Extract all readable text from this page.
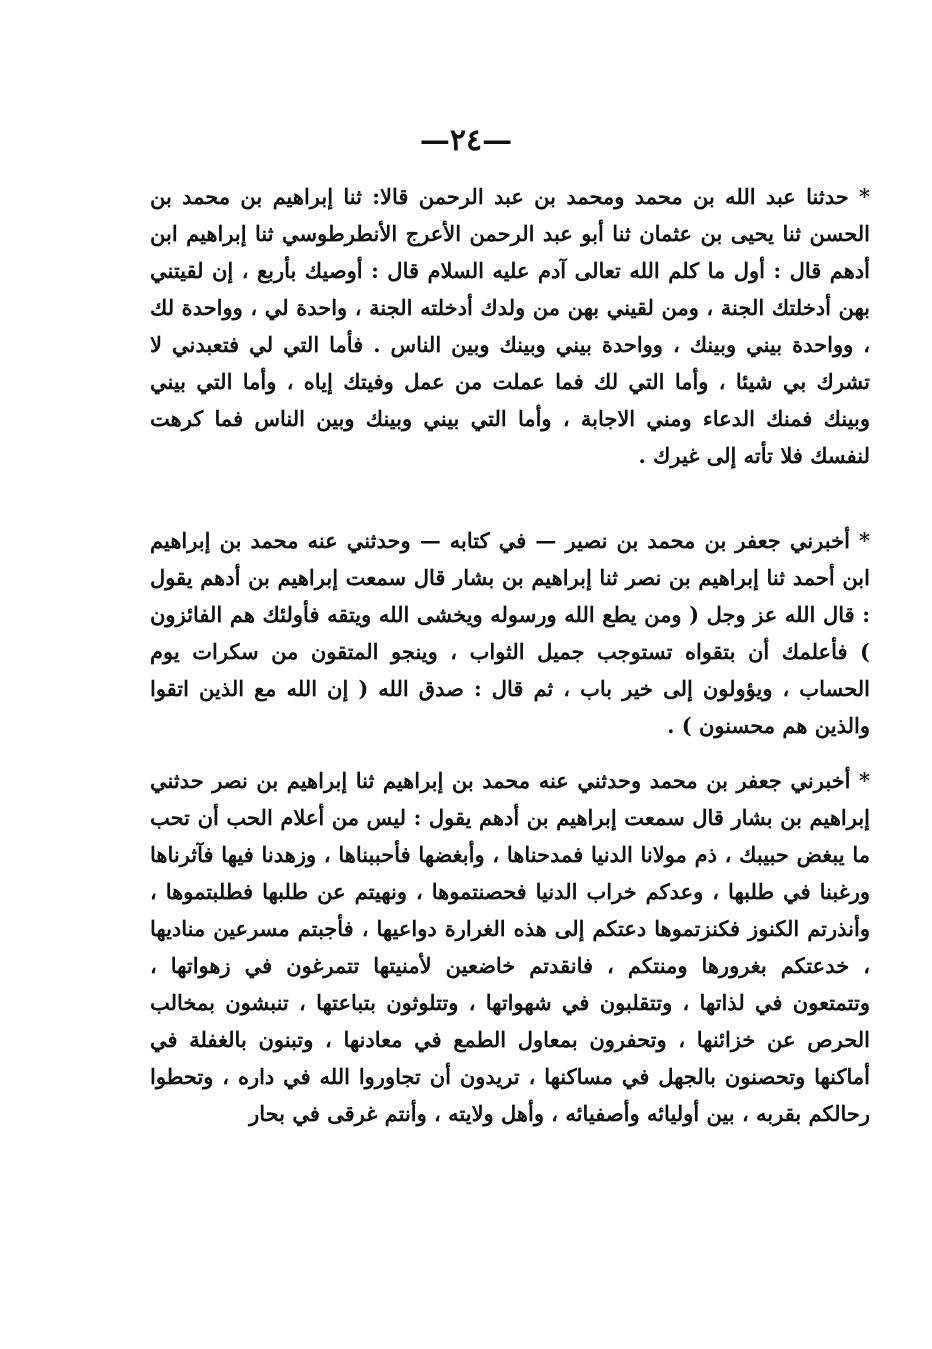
—٢٤—

* حدثنا عبد الله بن محمد ومحمد بن عبد الرحمن قالا: ثنا إبراهيم بن محمد بن الحسن ثنا يحيى بن عثمان ثنا أبو عبد الرحمن الأعرج الأنطرطوسي ثنا إبراهيم ابن أدهم قال : أول ما كلم الله تعالى آدم عليه السلام قال : أوصيك بأربع ، إن لقيتني بهن أدخلتك الجنة ، ومن لقيني بهن من ولدك أدخلته الجنة ، واحدة لي ، وواحدة لك ، وواحدة بيني وبينك ، وواحدة بيني وبينك وبين الناس . فأما التي لي فتعبدني لا تشرك بي شيئا ، وأما التي لك فما عملت من عمل وفيتك إياه ، وأما التي بيني وبينك فمنك الدعاء ومني الاجابة ، وأما التي بيني وبينك وبين الناس فما كرهت لنفسك فلا تأته إلى غيرك .

* أخبرني جعفر بن محمد بن نصير — في كتابه — وحدثني عنه محمد بن إبراهيم ابن أحمد ثنا إبراهيم بن نصر ثنا إبراهيم بن بشار قال سمعت إبراهيم بن أدهم يقول : قال الله عز وجل ( ومن يطع الله ورسوله ويخشى الله ويتقه فأولئك هم الفائزون ) فأعلمك أن بتقواه تستوجب جميل الثواب ، وينجو المتقون من سكرات يوم الحساب ، ويؤولون إلى خير باب ، ثم قال : صدق الله ( إن الله مع الذين اتقوا والذين هم محسنون ) .

* أخبرني جعفر بن محمد وحدثني عنه محمد بن إبراهيم ثنا إبراهيم بن نصر حدثني إبراهيم بن بشار قال سمعت إبراهيم بن أدهم يقول : ليس من أعلام الحب أن تحب ما يبغض حبيبك ، ذم مولانا الدنيا فمدحناها ، وأبغضها فأحببناها ، وزهدنا فيها فآثرناها ورغبنا في طلبها ، وعدكم خراب الدنيا فحصنتموها ، ونهيتم عن طلبها فطلبتموها ، وأنذرتم الكنوز فكنزتموها دعتكم إلى هذه الغرارة دواعيها ، فأجبتم مسرعين مناديها ، خدعتكم بغرورها ومنتكم ، فانقدتم خاضعين لأمنيتها تتمرغون في زهواتها ، وتتمتعون في لذاتها ، وتتقلبون في شهواتها ، وتتلوثون بتباعتها ، تنبشون بمخالب الحرص عن خزائنها ، وتحفرون بمعاول الطمع في معادنها ، وتبنون بالغفلة في أماكنها وتحصنون بالجهل في مساكنها ، تريدون أن تجاوروا الله في داره ، وتحطوا رحالكم بقربه ، بين أوليائه وأصفيائه ، وأهل ولايته ، وأنتم غرقى في بحار
